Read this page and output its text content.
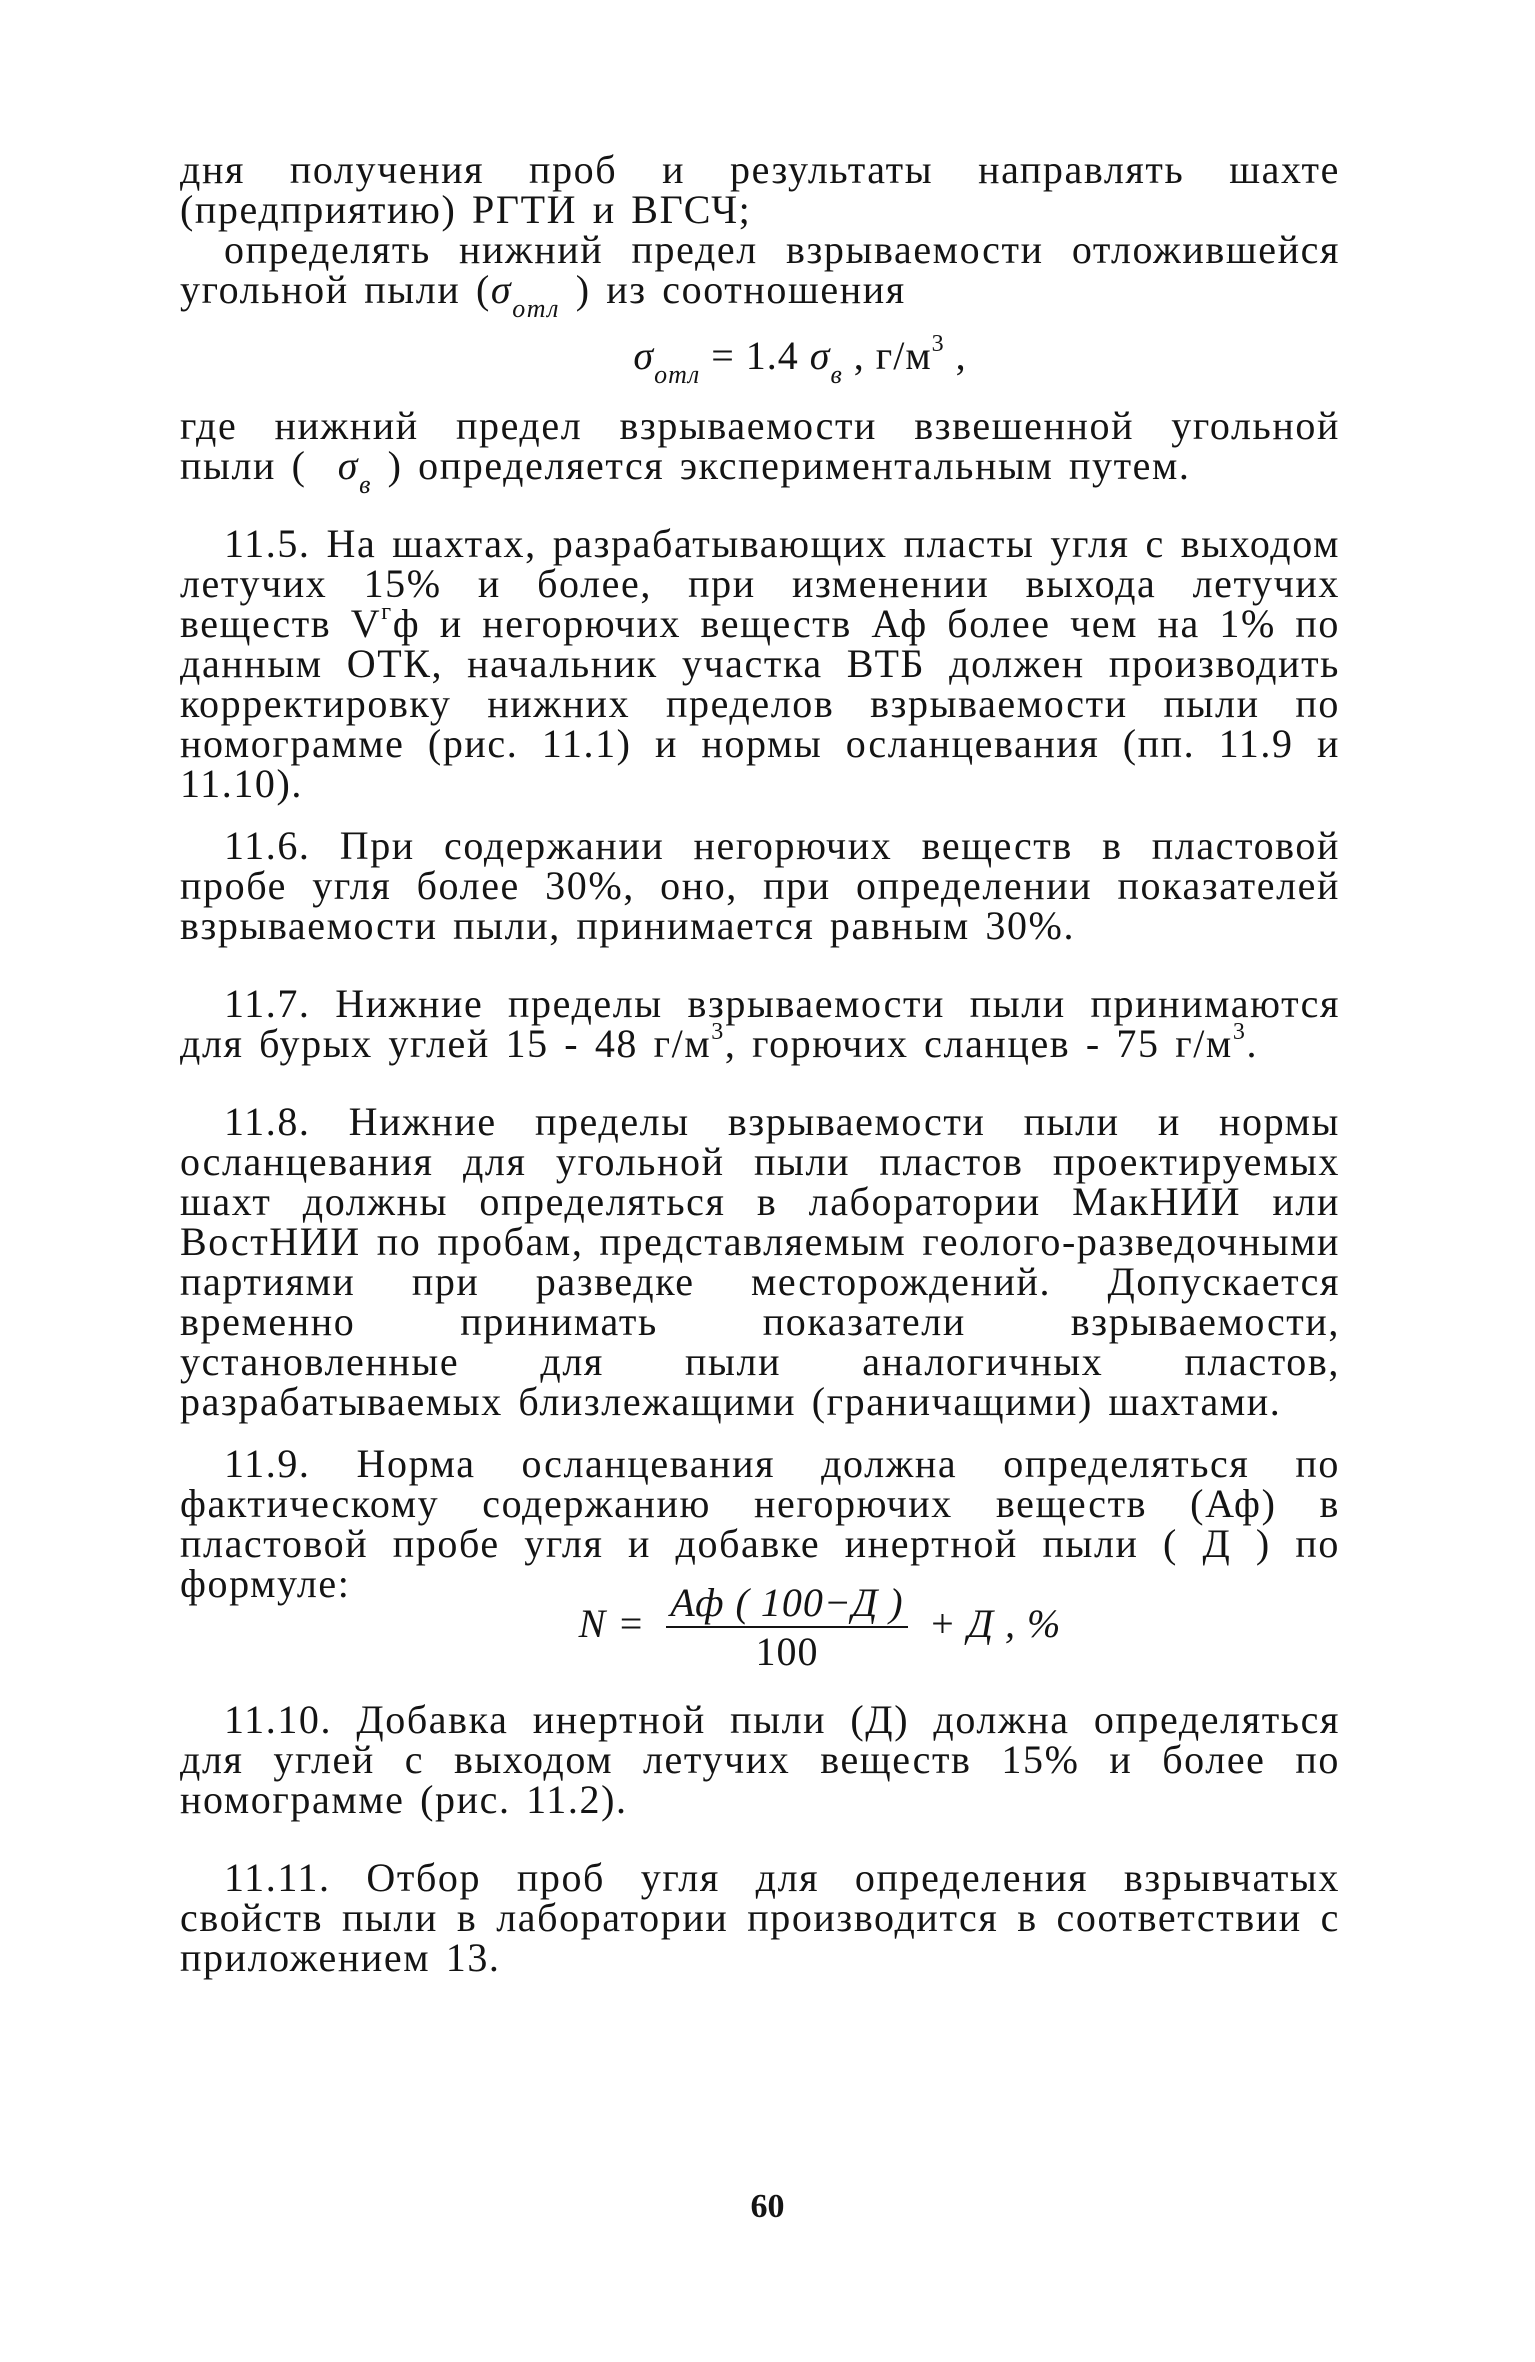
дня получения проб и результаты направлять шахте (предприятию) РГТИ и ВГСЧ;

определять нижний предел взрываемости отложившейся угольной пыли ($\sigma_{отл}$ ) из соотношения

$\sigma_{отл} = 1.4$ $\sigma_в$ , $г/м^3$ ,

где нижний предел взрываемости взвешенной угольной пыли ( $\sigma_в$ ) определяется экспериментальным путем.

11.5. На шахтах, разрабатывающих пласты угля с выходом летучих 15% и более, при изменении выхода летучих веществ $V^гф$ и негорючих веществ Аф более чем на 1% по данным ОТК, начальник участка ВТБ должен производить корректировку нижних пределов взрываемости пыли по номограмме (рис. 11.1) и нормы осланцевания (пп. 11.9 и 11.10).

11.6. При содержании негорючих веществ в пластовой пробе угля более 30%, оно, при определении показателей взрываемости пыли, принимается равным 30%.

11.7. Нижние пределы взрываемости пыли принимаются для бурых углей 15 - 48 $г/м^3$, горючих сланцев - 75 $г/м^3$.

11.8. Нижние пределы взрываемости пыли и нормы осланцевания для угольной пыли пластов проектируемых шахт должны определяться в лаборатории МакНИИ или ВостНИИ по пробам, представляемым геолого-разведочными партиями при разведке месторождений. Допускается временно принимать показатели взрываемости, установленные для пыли аналогичных пластов, разрабатываемых близлежащими (граничащими) шахтами.

11.9. Норма осланцевания должна определяться по фактическому содержанию негорючих веществ (Аф) в пластовой пробе угля и добавке инертной пыли ( Д ) по формуле:

$N = \frac{Аф ( 100-Д )}{100} + Д$ , %

11.10. Добавка инертной пыли (Д) должна определяться для углей с выходом летучих веществ 15% и более по номограмме (рис. 11.2).

11.11. Отбор проб угля для определения взрывчатых свойств пыли в лаборатории производится в соответствии с приложением 13.

60
